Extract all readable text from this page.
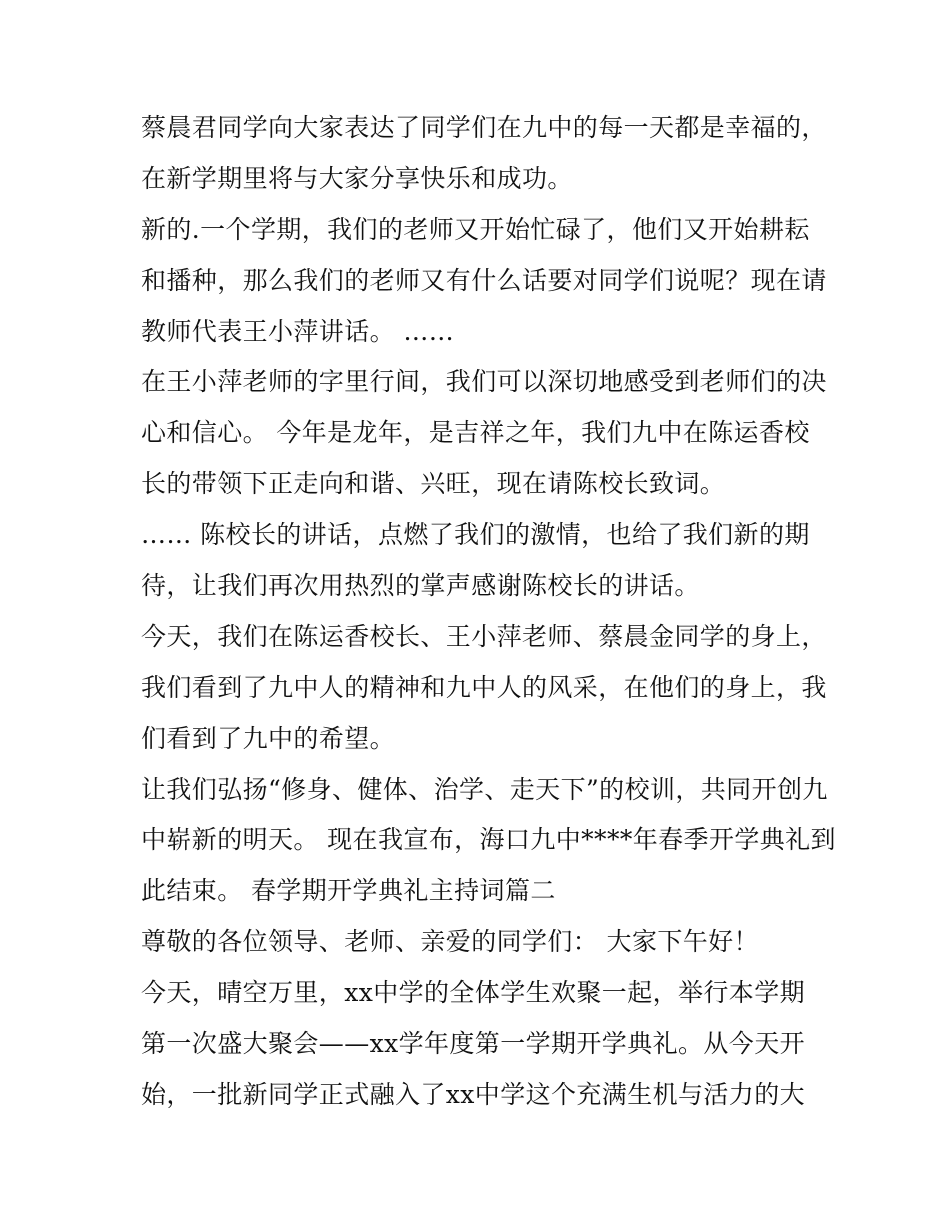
蔡晨君同学向大家表达了同学们在九中的每一天都是幸福的，
在新学期里将与大家分享快乐和成功。
新的.一个学期，我们的老师又开始忙碌了，他们又开始耕耘
和播种，那么我们的老师又有什么话要对同学们说呢？现在请
教师代表王小萍讲话。 ……
在王小萍老师的字里行间，我们可以深切地感受到老师们的决
心和信心。 今年是龙年，是吉祥之年，我们九中在陈运香校
长的带领下正走向和谐、兴旺，现在请陈校长致词。
…… 陈校长的讲话，点燃了我们的激情，也给了我们新的期
待，让我们再次用热烈的掌声感谢陈校长的讲话。
今天，我们在陈运香校长、王小萍老师、蔡晨金同学的身上，
我们看到了九中人的精神和九中人的风采，在他们的身上，我
们看到了九中的希望。
让我们弘扬“修身、健体、治学、走天下”的校训，共同开创九
中崭新的明天。 现在我宣布，海口九中****年春季开学典礼到
此结束。 春学期开学典礼主持词篇二
尊敬的各位领导、老师、亲爱的同学们： 大家下午好！
今天，晴空万里，xx中学的全体学生欢聚一起，举行本学期
第一次盛大聚会——xx学年度第一学期开学典礼。从今天开
始，一批新同学正式融入了xx中学这个充满生机与活力的大
